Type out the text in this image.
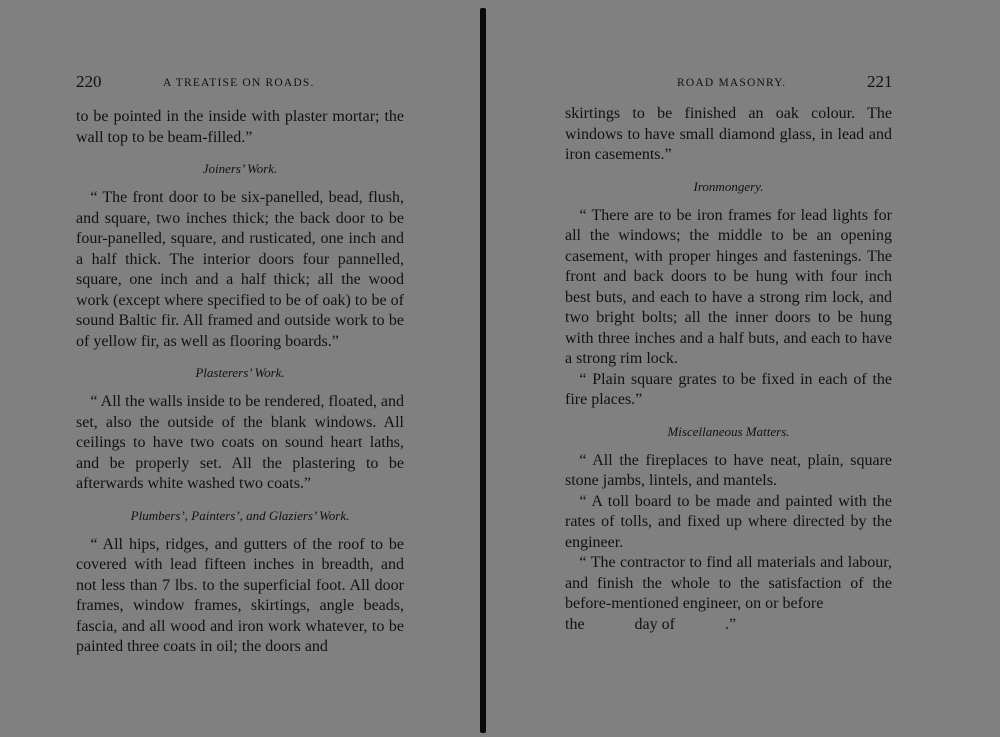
220	A TREATISE ON ROADS.

to be pointed in the inside with plaster mortar; the wall top to be beam-filled.”

Joiners’ Work.

“ The front door to be six-panelled, bead, flush, and square, two inches thick; the back door to be four-panelled, square, and rusticated, one inch and a half thick. The interior doors four pannelled, square, one inch and a half thick; all the wood work (except where specified to be of oak) to be of sound Baltic fir. All framed and outside work to be of yellow fir, as well as flooring boards.”

Plasterers’ Work.

“ All the walls inside to be rendered, floated, and set, also the outside of the blank windows. All ceilings to have two coats on sound heart laths, and be properly set. All the plastering to be afterwards white washed two coats.”

Plumbers’, Painters’, and Glaziers’ Work.

“ All hips, ridges, and gutters of the roof to be covered with lead fifteen inches in breadth, and not less than 7 lbs. to the superficial foot. All door frames, window frames, skirtings, angle beads, fascia, and all wood and iron work whatever, to be painted three coats in oil; the doors and

ROAD MASONRY.	221

skirtings to be finished an oak colour. The windows to have small diamond glass, in lead and iron casements.”

Ironmongery.

“ There are to be iron frames for lead lights for all the windows; the middle to be an opening casement, with proper hinges and fastenings. The front and back doors to be hung with four inch best buts, and each to have a strong rim lock, and two bright bolts; all the inner doors to be hung with three inches and a half buts, and each to have a strong rim lock.

“ Plain square grates to be fixed in each of the fire places.”

Miscellaneous Matters.

“ All the fireplaces to have neat, plain, square stone jambs, lintels, and mantels.

“ A toll board to be made and painted with the rates of tolls, and fixed up where directed by the engineer.

“ The contractor to find all materials and labour, and finish the whole to the satisfaction of the before-mentioned engineer, on or before

the	day of	.”
